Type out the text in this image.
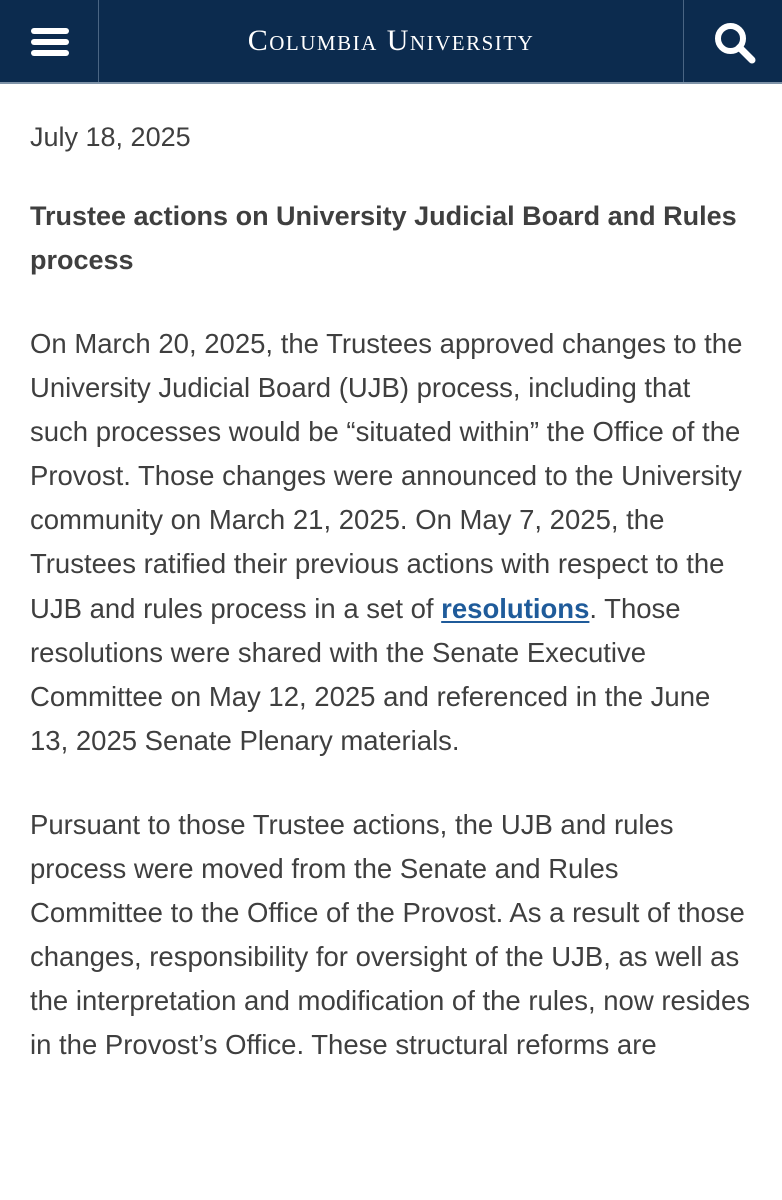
Columbia University
July 18, 2025
Trustee actions on University Judicial Board and Rules process

On March 20, 2025, the Trustees approved changes to the University Judicial Board (UJB) process, including that such processes would be “situated within” the Office of the Provost. Those changes were announced to the University community on March 21, 2025. On May 7, 2025, the Trustees ratified their previous actions with respect to the UJB and rules process in a set of resolutions. Those resolutions were shared with the Senate Executive Committee on May 12, 2025 and referenced in the June 13, 2025 Senate Plenary materials.

Pursuant to those Trustee actions, the UJB and rules process were moved from the Senate and Rules Committee to the Office of the Provost. As a result of those changes, responsibility for oversight of the UJB, as well as the interpretation and modification of the rules, now resides in the Provost’s Office. These structural reforms are
